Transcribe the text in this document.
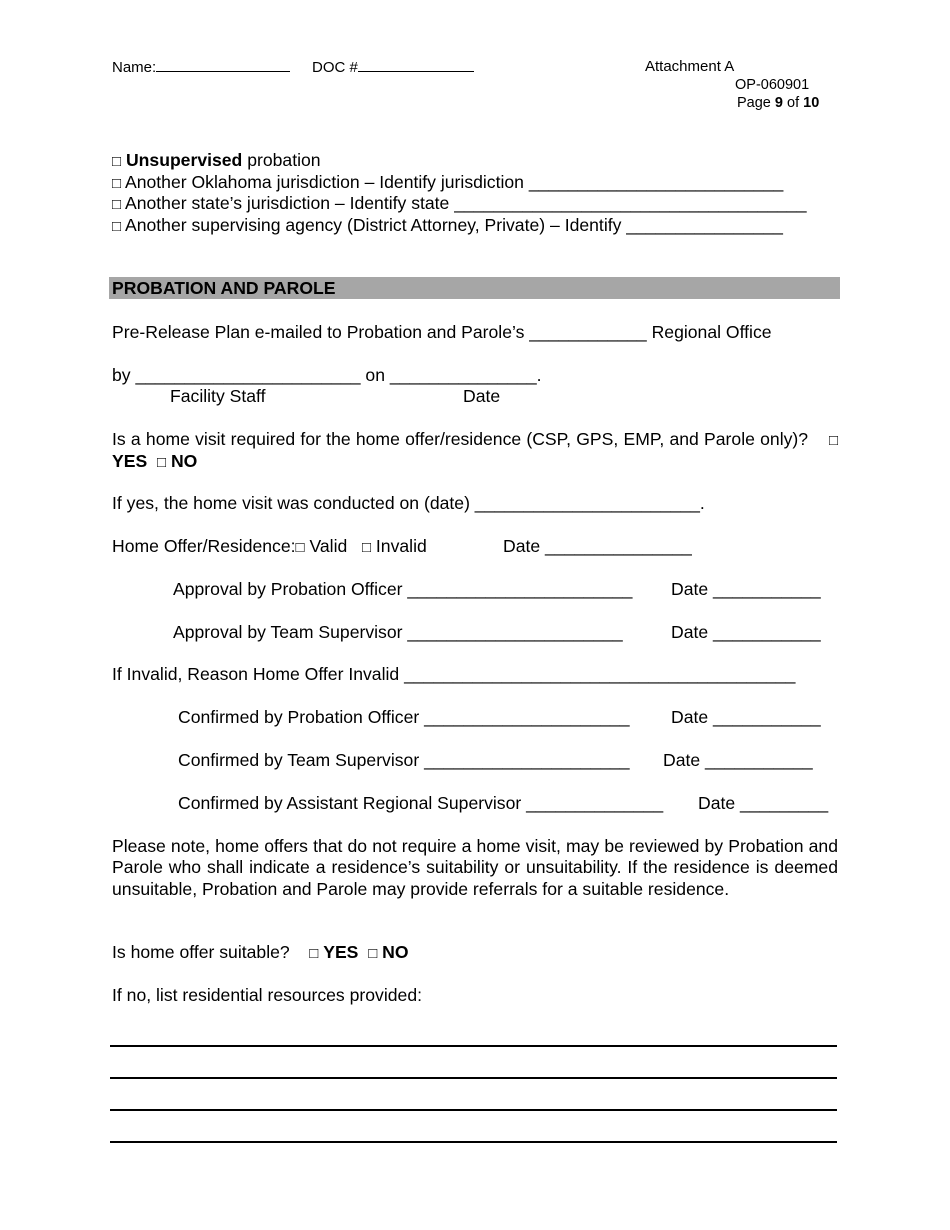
Name:	DOC #	Attachment A
OP-060901
Page 9 of 10
□ Unsupervised probation
□ Another Oklahoma jurisdiction – Identify jurisdiction __________________________
□ Another state’s jurisdiction – Identify state ____________________________________
□ Another supervising agency (District Attorney, Private) – Identify ________________
PROBATION AND PAROLE
Pre-Release Plan e-mailed to Probation and Parole’s ____________ Regional Office
by _______________________ on _______________.
Facility Staff	Date
Is a home visit required for the home offer/residence (CSP, GPS, EMP, and Parole only)? □ YES □ NO
If yes, the home visit was conducted on (date) _______________________.
Home Offer/Residence:□ Valid □ Invalid	Date _______________
Approval by Probation Officer _______________________ Date ___________
Approval by Team Supervisor ______________________	Date ___________
If Invalid, Reason Home Offer Invalid ________________________________________
Confirmed by Probation Officer _____________________ Date ___________
Confirmed by Team Supervisor _____________________ Date ___________
Confirmed by Assistant Regional Supervisor ______________ Date _________
Please note, home offers that do not require a home visit, may be reviewed by Probation and Parole who shall indicate a residence’s suitability or unsuitability. If the residence is deemed unsuitable, Probation and Parole may provide referrals for a suitable residence.
Is home offer suitable? □ YES □ NO
If no, list residential resources provided:
